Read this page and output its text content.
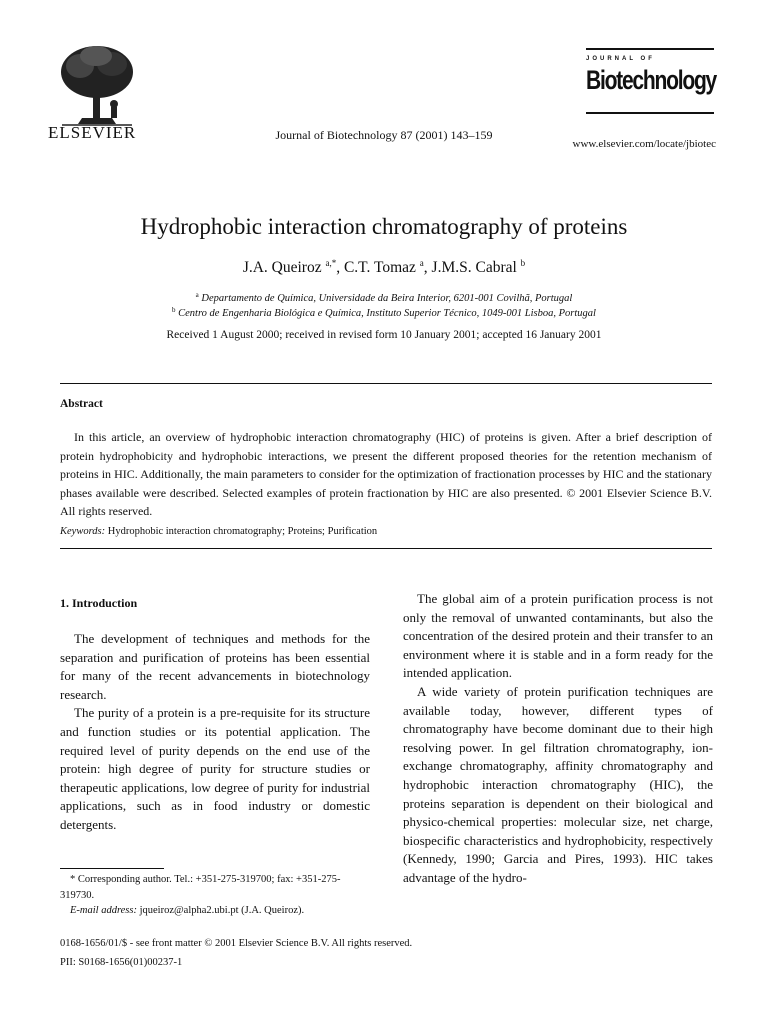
ELSEVIER	Journal of Biotechnology 87 (2001) 143–159
JOURNAL OF
Biotechnology
www.elsevier.com/locate/jbiotec
Hydrophobic interaction chromatography of proteins
J.A. Queiroz $^{a,*}$, C.T. Tomaz $^a$, J.M.S. Cabral $^b$
$^a$ Departamento de Química, Universidade da Beira Interior, 6201-001 Covilhã, Portugal
$^b$ Centro de Engenharia Biológica e Química, Instituto Superior Técnico, 1049-001 Lisboa, Portugal
Received 1 August 2000; received in revised form 10 January 2001; accepted 16 January 2001
Abstract
In this article, an overview of hydrophobic interaction chromatography (HIC) of proteins is given. After a brief description of protein hydrophobicity and hydrophobic interactions, we present the different proposed theories for the retention mechanism of proteins in HIC. Additionally, the main parameters to consider for the optimization of fractionation processes by HIC and the stationary phases available were described. Selected examples of protein fractionation by HIC are also presented. © 2001 Elsevier Science B.V. All rights reserved.
Keywords: Hydrophobic interaction chromatography; Proteins; Purification
1. Introduction

The development of techniques and methods for the separation and purification of proteins has been essential for many of the recent advancements in biotechnology research.

The purity of a protein is a pre-requisite for its structure and function studies or its potential application. The required level of purity depends on the end use of the protein: high degree of purity for structure studies or therapeutic applications, low degree of purity for industrial applications, such as in food industry or domestic detergents.

* Corresponding author. Tel.: +351-275-319700; fax: +351-275-319730.

E-mail address: jqueiroz@alpha2.ubi.pt (J.A. Queiroz).

The global aim of a protein purification process is not only the removal of unwanted contaminants, but also the concentration of the desired protein and their transfer to an environment where it is stable and in a form ready for the intended application.

A wide variety of protein purification techniques are available today, however, different types of chromatography have become dominant due to their high resolving power. In gel filtration chromatography, ion-exchange chromatography, affinity chromatography and hydrophobic interaction chromatography (HIC), the proteins separation is dependent on their biological and physico-chemical properties: molecular size, net charge, biospecific characteristics and hydrophobicity, respectively (Kennedy, 1990; Garcia and Pires, 1993). HIC takes advantage of the hydro-

0168-1656/01/$ - see front matter © 2001 Elsevier Science B.V. All rights reserved.
PII: S0168-1656(01)00237-1
